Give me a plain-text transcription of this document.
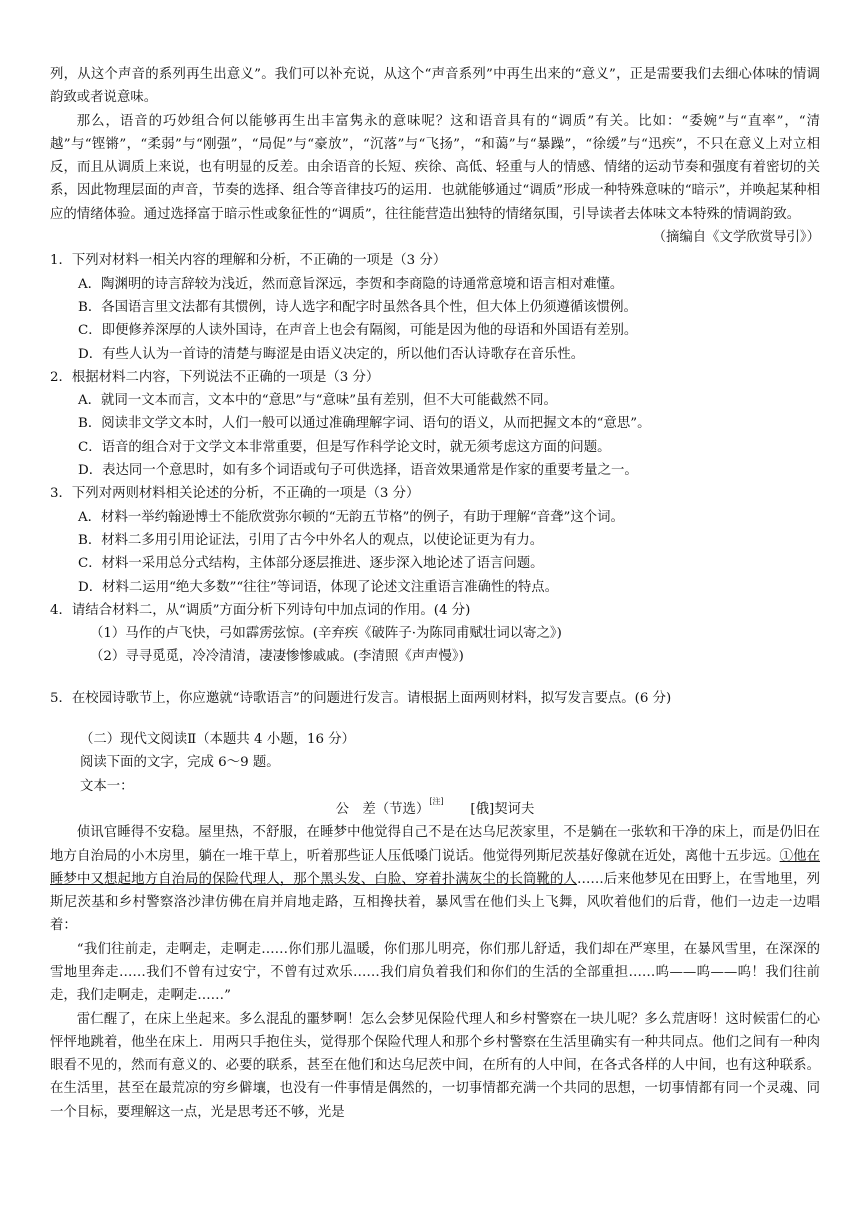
列，从这个声音的系列再生出意义”。我们可以补充说，从这个“声音系列”中再生出来的“意义”，正是需要我们去细心体味的情调韵致或者说意味。

那么，语音的巧妙组合何以能够再生出丰富隽永的意味呢？这和语音具有的“调质”有关。比如：“委婉”与“直率”，“清越”与“铿锵”，“柔弱”与“刚强”，“局促”与“豪放”，“沉落”与“飞扬”，“和蔼”与“暴躁”，“徐缓”与“迅疾”，不只在意义上对立相反，而且从调质上来说，也有明显的反差。由余语音的长短、疾徐、高低、轻重与人的情感、情绪的运动节奏和强度有着密切的关系，因此物理层面的声音，节奏的选择、组合等音律技巧的运用．也就能够通过“调质”形成一种特殊意味的“暗示”，并唤起某种相应的情绪体验。通过选择富于暗示性或象征性的“调质”，往往能营造出独特的情绪氛围，引导读者去体味文本特殊的情调韵致。

（摘编自《文学欣赏导引》）

1．下列对材料一相关内容的理解和分析，不正确的一项是（3 分）

A．陶渊明的诗言辞较为浅近，然而意旨深远，李贺和李商隐的诗通常意境和语言相对难懂。

B．各国语言里文法都有其惯例，诗人选字和配字时虽然各具个性，但大体上仍须遵循该惯例。

C．即便修养深厚的人读外国诗，在声音上也会有隔阂，可能是因为他的母语和外国语有差别。

D．有些人认为一首诗的清楚与晦涩是由语义决定的，所以他们否认诗歌存在音乐性。

2．根据材料二内容，下列说法不正确的一项是（3 分）

A．就同一文本而言，文本中的“意思”与“意味”虽有差别，但不大可能截然不同。

B．阅读非文学文本时，人们一般可以通过准确理解字词、语句的语义，从而把握文本的“意思”。

C．语音的组合对于文学文本非常重要，但是写作科学论文时，就无须考虑这方面的问题。

D．表达同一个意思时，如有多个词语或句子可供选择，语音效果通常是作家的重要考量之一。

3．下列对两则材料相关论述的分析，不正确的一项是（3 分）

A．材料一举约翰逊博士不能欣赏弥尔顿的“无韵五节格”的例子，有助于理解“音聋”这个词。

B．材料二多用引用论证法，引用了古今中外名人的观点，以使论证更为有力。

C．材料一采用总分式结构，主体部分逐层推进、逐步深入地论述了语言问题。

D．材料二运用“绝大多数”“往往”等词语，体现了论述文注重语言准确性的特点。

4．请结合材料二，从“调质”方面分析下列诗句中加点词的作用。(4 分)

（1）马作的卢飞快，弓如霹雳弦惊。(辛弃疾《破阵子·为陈同甫赋壮词以寄之》)

（2）寻寻觅觅，冷冷清清，凄凄惨惨戚戚。(李清照《声声慢》)

5．在校园诗歌节上，你应邀就“诗歌语言”的问题进行发言。请根据上面两则材料，拟写发言要点。(6 分)

（二）现代文阅读Ⅱ（本题共 4 小题，16 分）

阅读下面的文字，完成 6～9 题。

文本一：

公　差（节选）[注]　　[俄]契诃夫

侦讯官睡得不安稳。屋里热，不舒服，在睡梦中他觉得自己不是在达乌尼茨家里，不是躺在一张软和干净的床上，而是仍旧在地方自治局的小木房里，躺在一堆干草上，听着那些证人压低嗓门说话。他觉得列斯尼茨基好像就在近处，离他十五步远。①他在睡梦中又想起地方自治局的保险代理人，那个黑头发、白脸、穿着扑满灰尘的长筒靴的人……后来他梦见在田野上，在雪地里，列斯尼茨基和乡村警察洛沙津仿佛在肩并肩地走路，互相搀扶着，暴风雪在他们头上飞舞，风吹着他们的后背，他们一边走一边唱着：

“我们往前走，走啊走，走啊走……你们那儿温暖，你们那儿明亮，你们那儿舒适，我们却在严寒里，在暴风雪里，在深深的雪地里奔走……我们不曾有过安宁，不曾有过欢乐……我们肩负着我们和你们的生活的全部重担……呜——呜——呜！我们往前走，我们走啊走，走啊走……”

雷仁醒了，在床上坐起来。多么混乱的噩梦啊！怎么会梦见保险代理人和乡村警察在一块儿呢？多么荒唐呀！这时候雷仁的心怦怦地跳着，他坐在床上．用两只手抱住头，觉得那个保险代理人和那个乡村警察在生活里确实有一种共同点。他们之间有一种肉眼看不见的，然而有意义的、必要的联系，甚至在他们和达乌尼茨中间，在所有的人中间，在各式各样的人中间，也有这种联系。在生活里，甚至在最荒凉的穷乡僻壤，也没有一件事情是偶然的，一切事情都充满一个共同的思想，一切事情都有同一个灵魂、同一个目标，要理解这一点，光是思考还不够，光是
